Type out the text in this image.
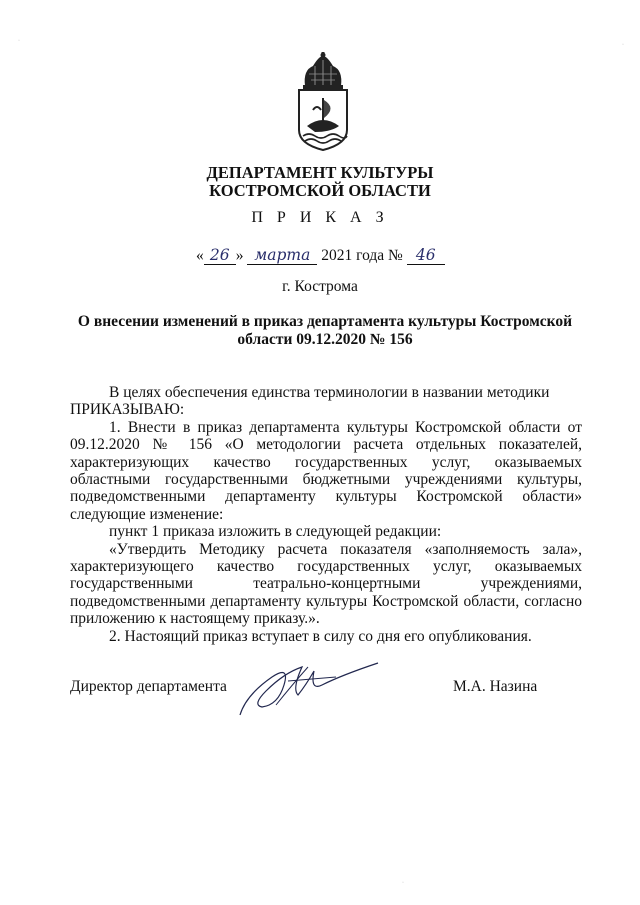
ДЕПАРТАМЕНТ КУЛЬТУРЫ
КОСТРОМСКОЙ ОБЛАСТИ
П Р И К А З
« 26 » марта 2021 года № 46
г. Кострома
О внесении изменений в приказ департамента культуры Костромской области 09.12.2020 № 156

В целях обеспечения единства терминологии в названии методики

ПРИКАЗЫВАЮ:

1. Внести в приказ департамента культуры Костромской области от 09.12.2020 № 156 «О методологии расчета отдельных показателей, характеризующих качество государственных услуг, оказываемых областными государственными бюджетными учреждениями культуры, подведомственными департаменту культуры Костромской области» следующие изменение:

пункт 1 приказа изложить в следующей редакции:

«Утвердить Методику расчета показателя «заполняемость зала», характеризующего качество государственных услуг, оказываемых государственными театрально-концертными учреждениями, подведомственными департаменту культуры Костромской области, согласно приложению к настоящему приказу.».

2. Настоящий приказ вступает в силу со дня его опубликования.

Директор департамента	М.А. Назина
·
·
·
